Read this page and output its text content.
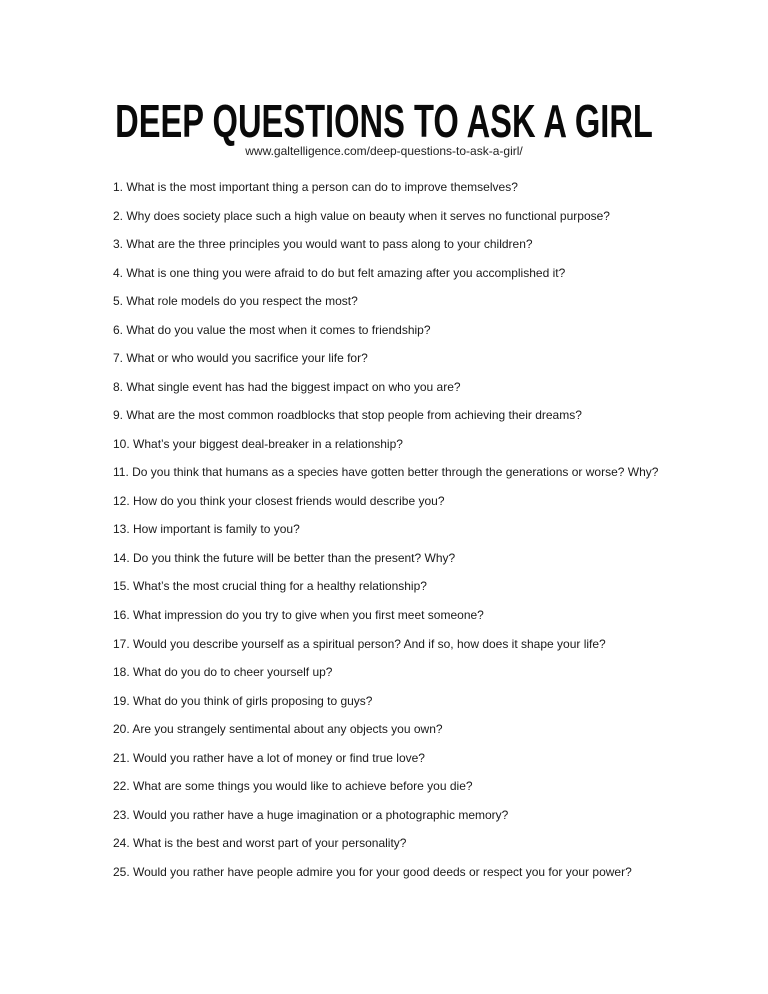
DEEP QUESTIONS TO ASK A GIRL
www.galtelligence.com/deep-questions-to-ask-a-girl/
1. What is the most important thing a person can do to improve themselves?
2. Why does society place such a high value on beauty when it serves no functional purpose?
3. What are the three principles you would want to pass along to your children?
4. What is one thing you were afraid to do but felt amazing after you accomplished it?
5. What role models do you respect the most?
6. What do you value the most when it comes to friendship?
7. What or who would you sacrifice your life for?
8. What single event has had the biggest impact on who you are?
9. What are the most common roadblocks that stop people from achieving their dreams?
10. What’s your biggest deal-breaker in a relationship?
11. Do you think that humans as a species have gotten better through the generations or worse? Why?
12. How do you think your closest friends would describe you?
13. How important is family to you?
14. Do you think the future will be better than the present? Why?
15. What’s the most crucial thing for a healthy relationship?
16. What impression do you try to give when you first meet someone?
17. Would you describe yourself as a spiritual person? And if so, how does it shape your life?
18. What do you do to cheer yourself up?
19. What do you think of girls proposing to guys?
20. Are you strangely sentimental about any objects you own?
21. Would you rather have a lot of money or find true love?
22. What are some things you would like to achieve before you die?
23. Would you rather have a huge imagination or a photographic memory?
24. What is the best and worst part of your personality?
25. Would you rather have people admire you for your good deeds or respect you for your power?
